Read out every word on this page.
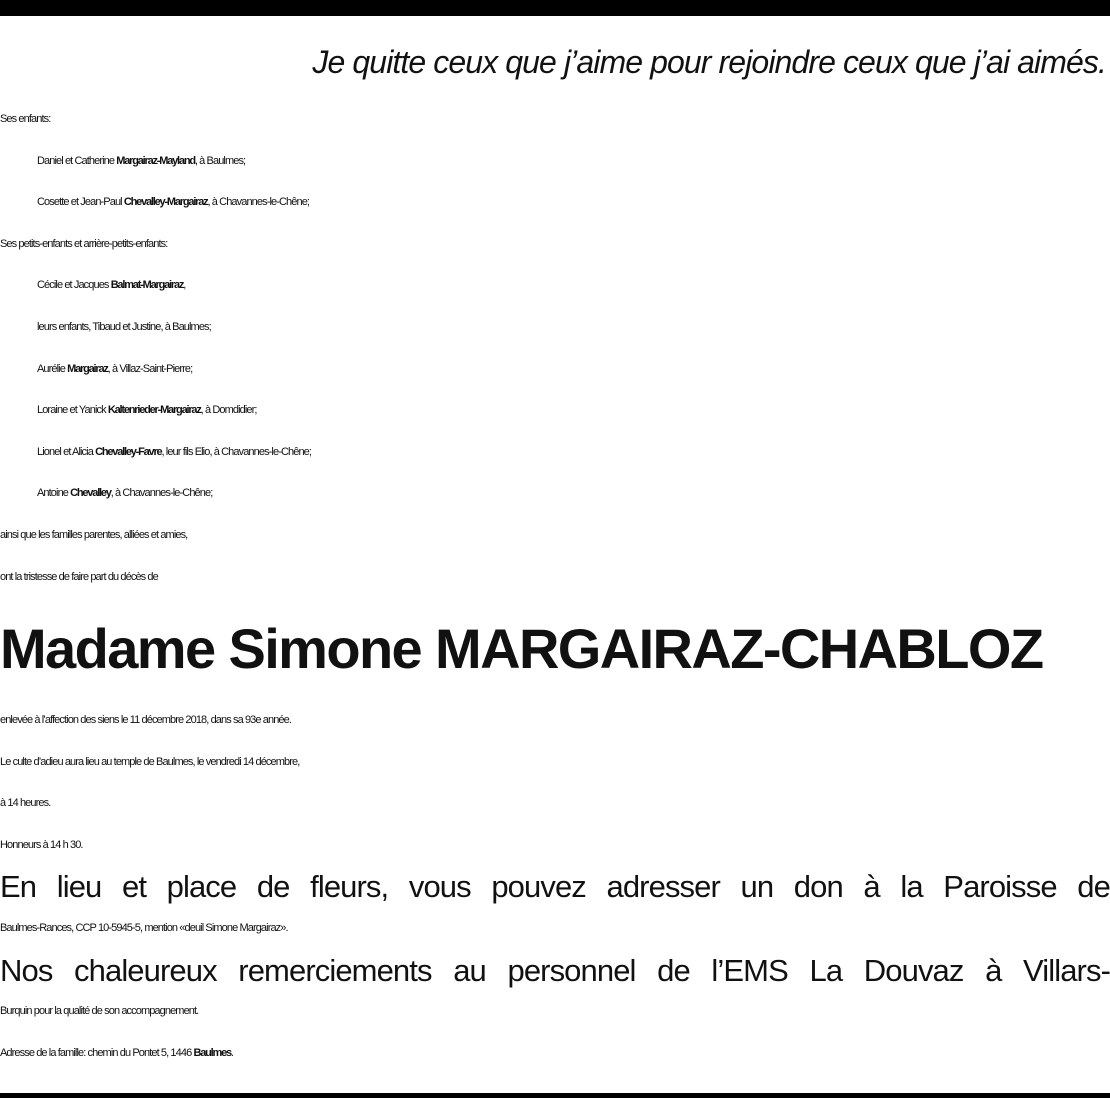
Je quitte ceux que j’aime pour rejoindre ceux que j’ai aimés.
Ses enfants:
Daniel et Catherine Margairaz-Mayland, à Baulmes;
Cosette et Jean-Paul Chevalley-Margairaz, à Chavannes-le-Chêne;
Ses petits-enfants et arrière-petits-enfants:
Cécile et Jacques Balmat-Margairaz,
leurs enfants, Tibaud et Justine, à Baulmes;
Aurélie Margairaz, à Villaz-Saint-Pierre;
Loraine et Yanick Kaltenrieder-Margairaz, à Domdidier;
Lionel et Alicia Chevalley-Favre, leur fils Elio, à Chavannes-le-Chêne;
Antoine Chevalley, à Chavannes-le-Chêne;
ainsi que les familles parentes, alliées et amies,
ont la tristesse de faire part du décès de
Madame Simone MARGAIRAZ-CHABLOZ
enlevée à l’affection des siens le 11 décembre 2018, dans sa 93e année.
Le culte d’adieu aura lieu au temple de Baulmes, le vendredi 14 décembre,
à 14 heures.
Honneurs à 14 h 30.
En lieu et place de fleurs, vous pouvez adresser un don à la Paroisse de
Baulmes-Rances, CCP 10-5945-5, mention «deuil Simone Margairaz».
Nos chaleureux remerciements au personnel de l’EMS La Douvaz à Villars-
Burquin pour la qualité de son accompagnement.
Adresse de la famille: chemin du Pontet 5, 1446 Baulmes.
